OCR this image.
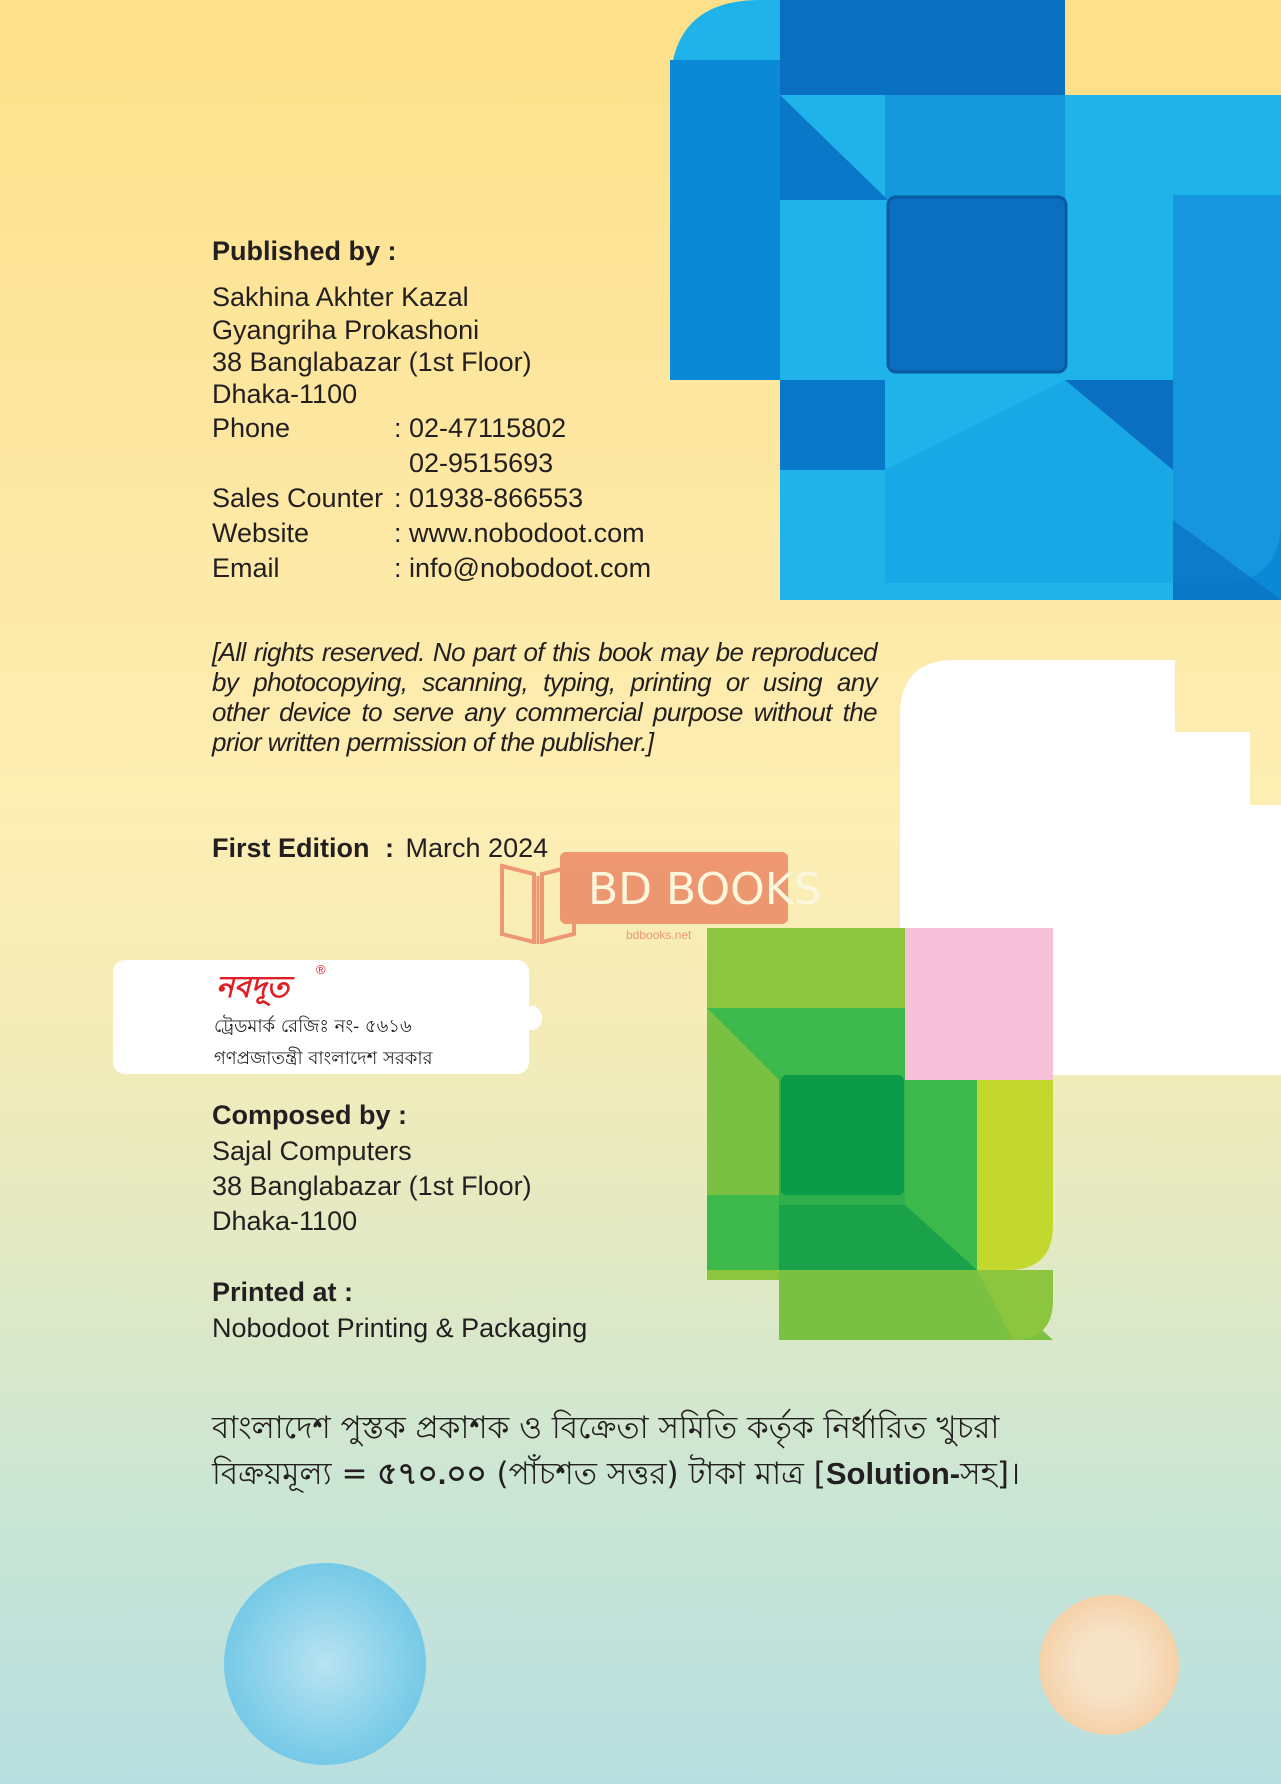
Published by :
Sakhina Akhter Kazal
Gyangriha Prokashoni
38 Banglabazar (1st Floor)
Dhaka-1100
Phone	: 02-47115802
02-9515693
Sales Counter : 01938-866553
Website	: www.nobodoot.com
Email	: info@nobodoot.com
[All rights reserved. No part of this book may be reproduced by photocopying, scanning, typing, printing or using any other device to serve any commercial purpose without the prior written permission of the publisher.]
First Edition : March 2024
BD BOOKS
bdbooks.net
নবদূত
®
ট্রেডমার্ক রেজিঃ নং- ৫৬১৬
গণপ্রজাতন্ত্রী বাংলাদেশ সরকার
Composed by :
Sajal Computers
38 Banglabazar (1st Floor)
Dhaka-1100
Printed at :
Nobodoot Printing & Packaging
বাংলাদেশ পুস্তক প্রকাশক ও বিক্রেতা সমিতি কর্তৃক নির্ধারিত খুচরা
বিক্রয়মূল্য = ৫৭০.০০ (পাঁচশত সত্তর) টাকা মাত্র [Solution-সহ]।
